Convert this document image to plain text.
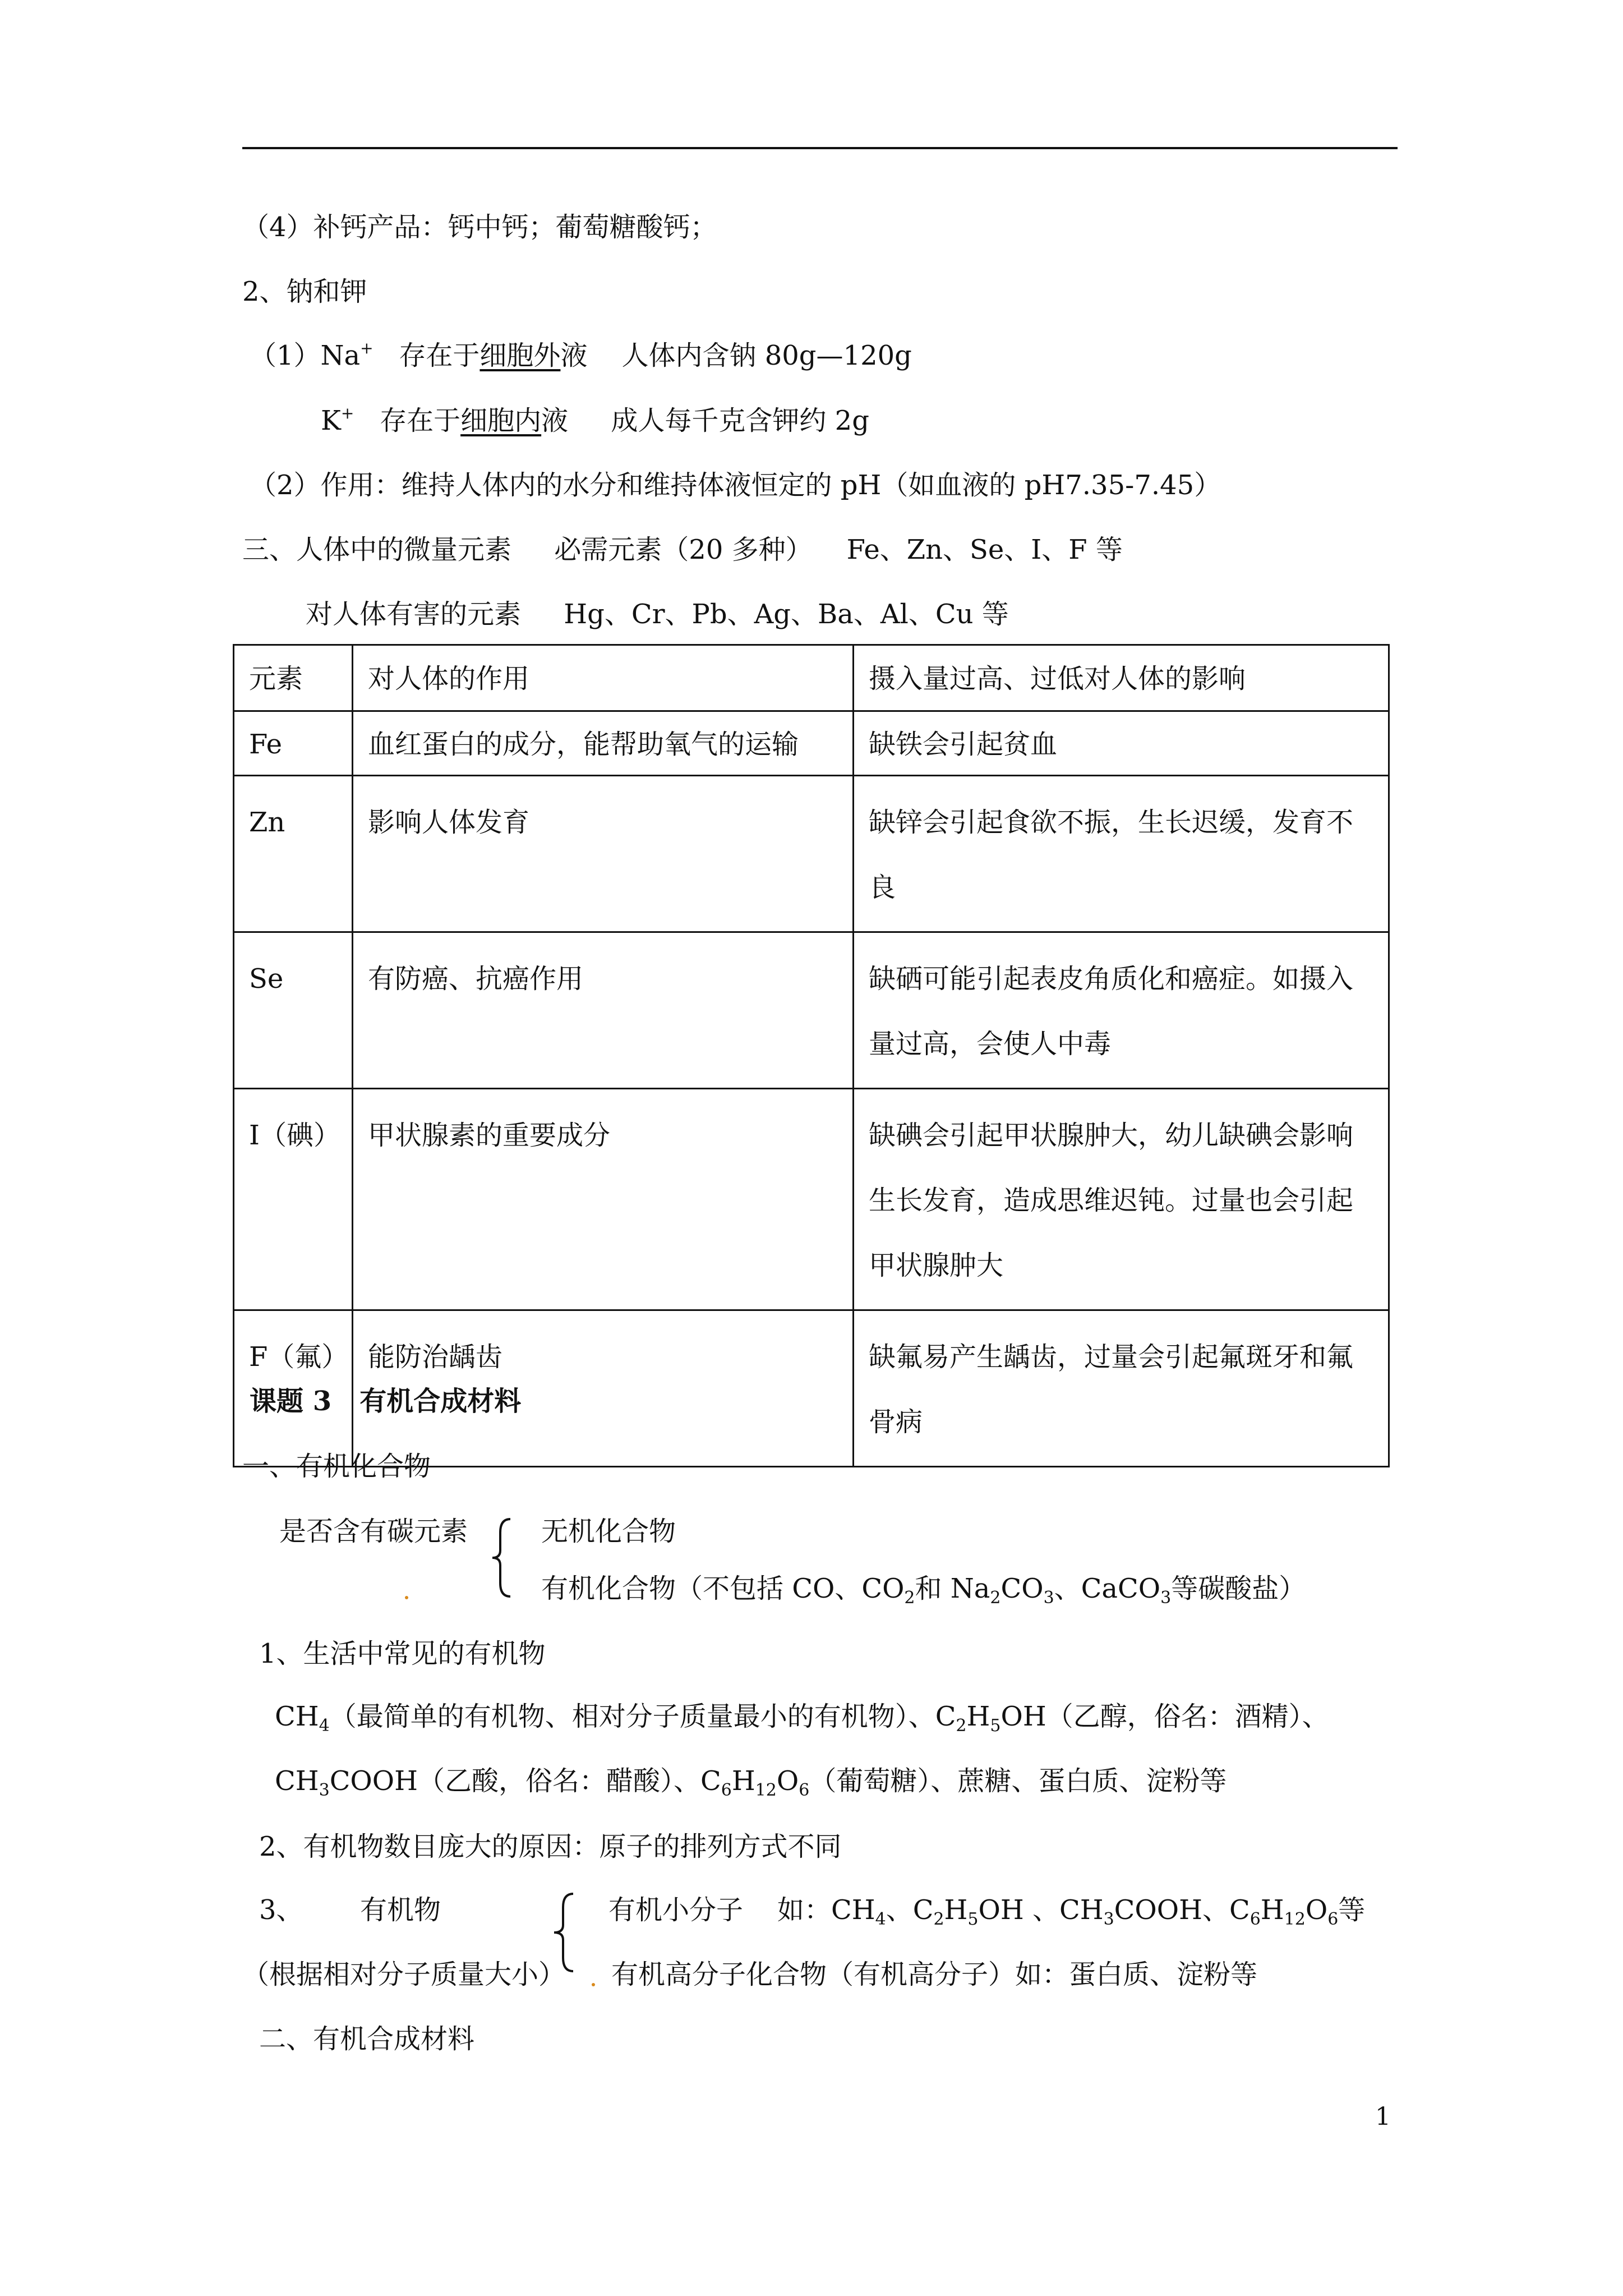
（4）补钙产品：钙中钙；葡萄糖酸钙；
2、钠和钾
（1）Na+   存在于细胞外液    人体内含钠 80g—120g
K+   存在于细胞内液     成人每千克含钾约 2g
（2）作用：维持人体内的水分和维持体液恒定的 pH（如血液的 pH7.35-7.45）
三、人体中的微量元素     必需元素（20 多种）    Fe、Zn、Se、I、F 等
对人体有害的元素     Hg、Cr、Pb、Ag、Ba、Al、Cu 等
元素	对人体的作用	摄入量过高、过低对人体的影响
Fe	血红蛋白的成分，能帮助氧气的运输	缺铁会引起贫血
Zn	影响人体发育	缺锌会引起食欲不振，生长迟缓，发育不良
Se	有防癌、抗癌作用	缺硒可能引起表皮角质化和癌症。如摄入量过高，会使人中毒
I（碘）	甲状腺素的重要成分	缺碘会引起甲状腺肿大，幼儿缺碘会影响生长发育，造成思维迟钝。过量也会引起甲状腺肿大
F（氟）	能防治龋齿	缺氟易产生龋齿，过量会引起氟斑牙和氟骨病
课题 3   有机合成材料
一、有机化合物
是否含有碳元素	无机化合物
有机化合物（不包括 CO、$CO_2$和 $Na_2CO_3$、CaCO$_3$等碳酸盐）
1、生活中常见的有机物
$CH_4$（最简单的有机物、相对分子质量最小的有机物）、$C_2H_5OH$（乙醇，俗名：酒精）、
$CH_3COOH$（乙酸，俗名：醋酸）、$C_6H_{12}O_6$（葡萄糖）、蔗糖、蛋白质、淀粉等
2、有机物数目庞大的原因：原子的排列方式不同
3、 有机物	有机小分子    如：$CH_4$、$C_2H_5OH$ 、$CH_3COOH$、$C_6H_{12}O_6$等
（根据相对分子质量大小） 有机高分子化合物（有机高分子）如：蛋白质、淀粉等
二、有机合成材料
1
